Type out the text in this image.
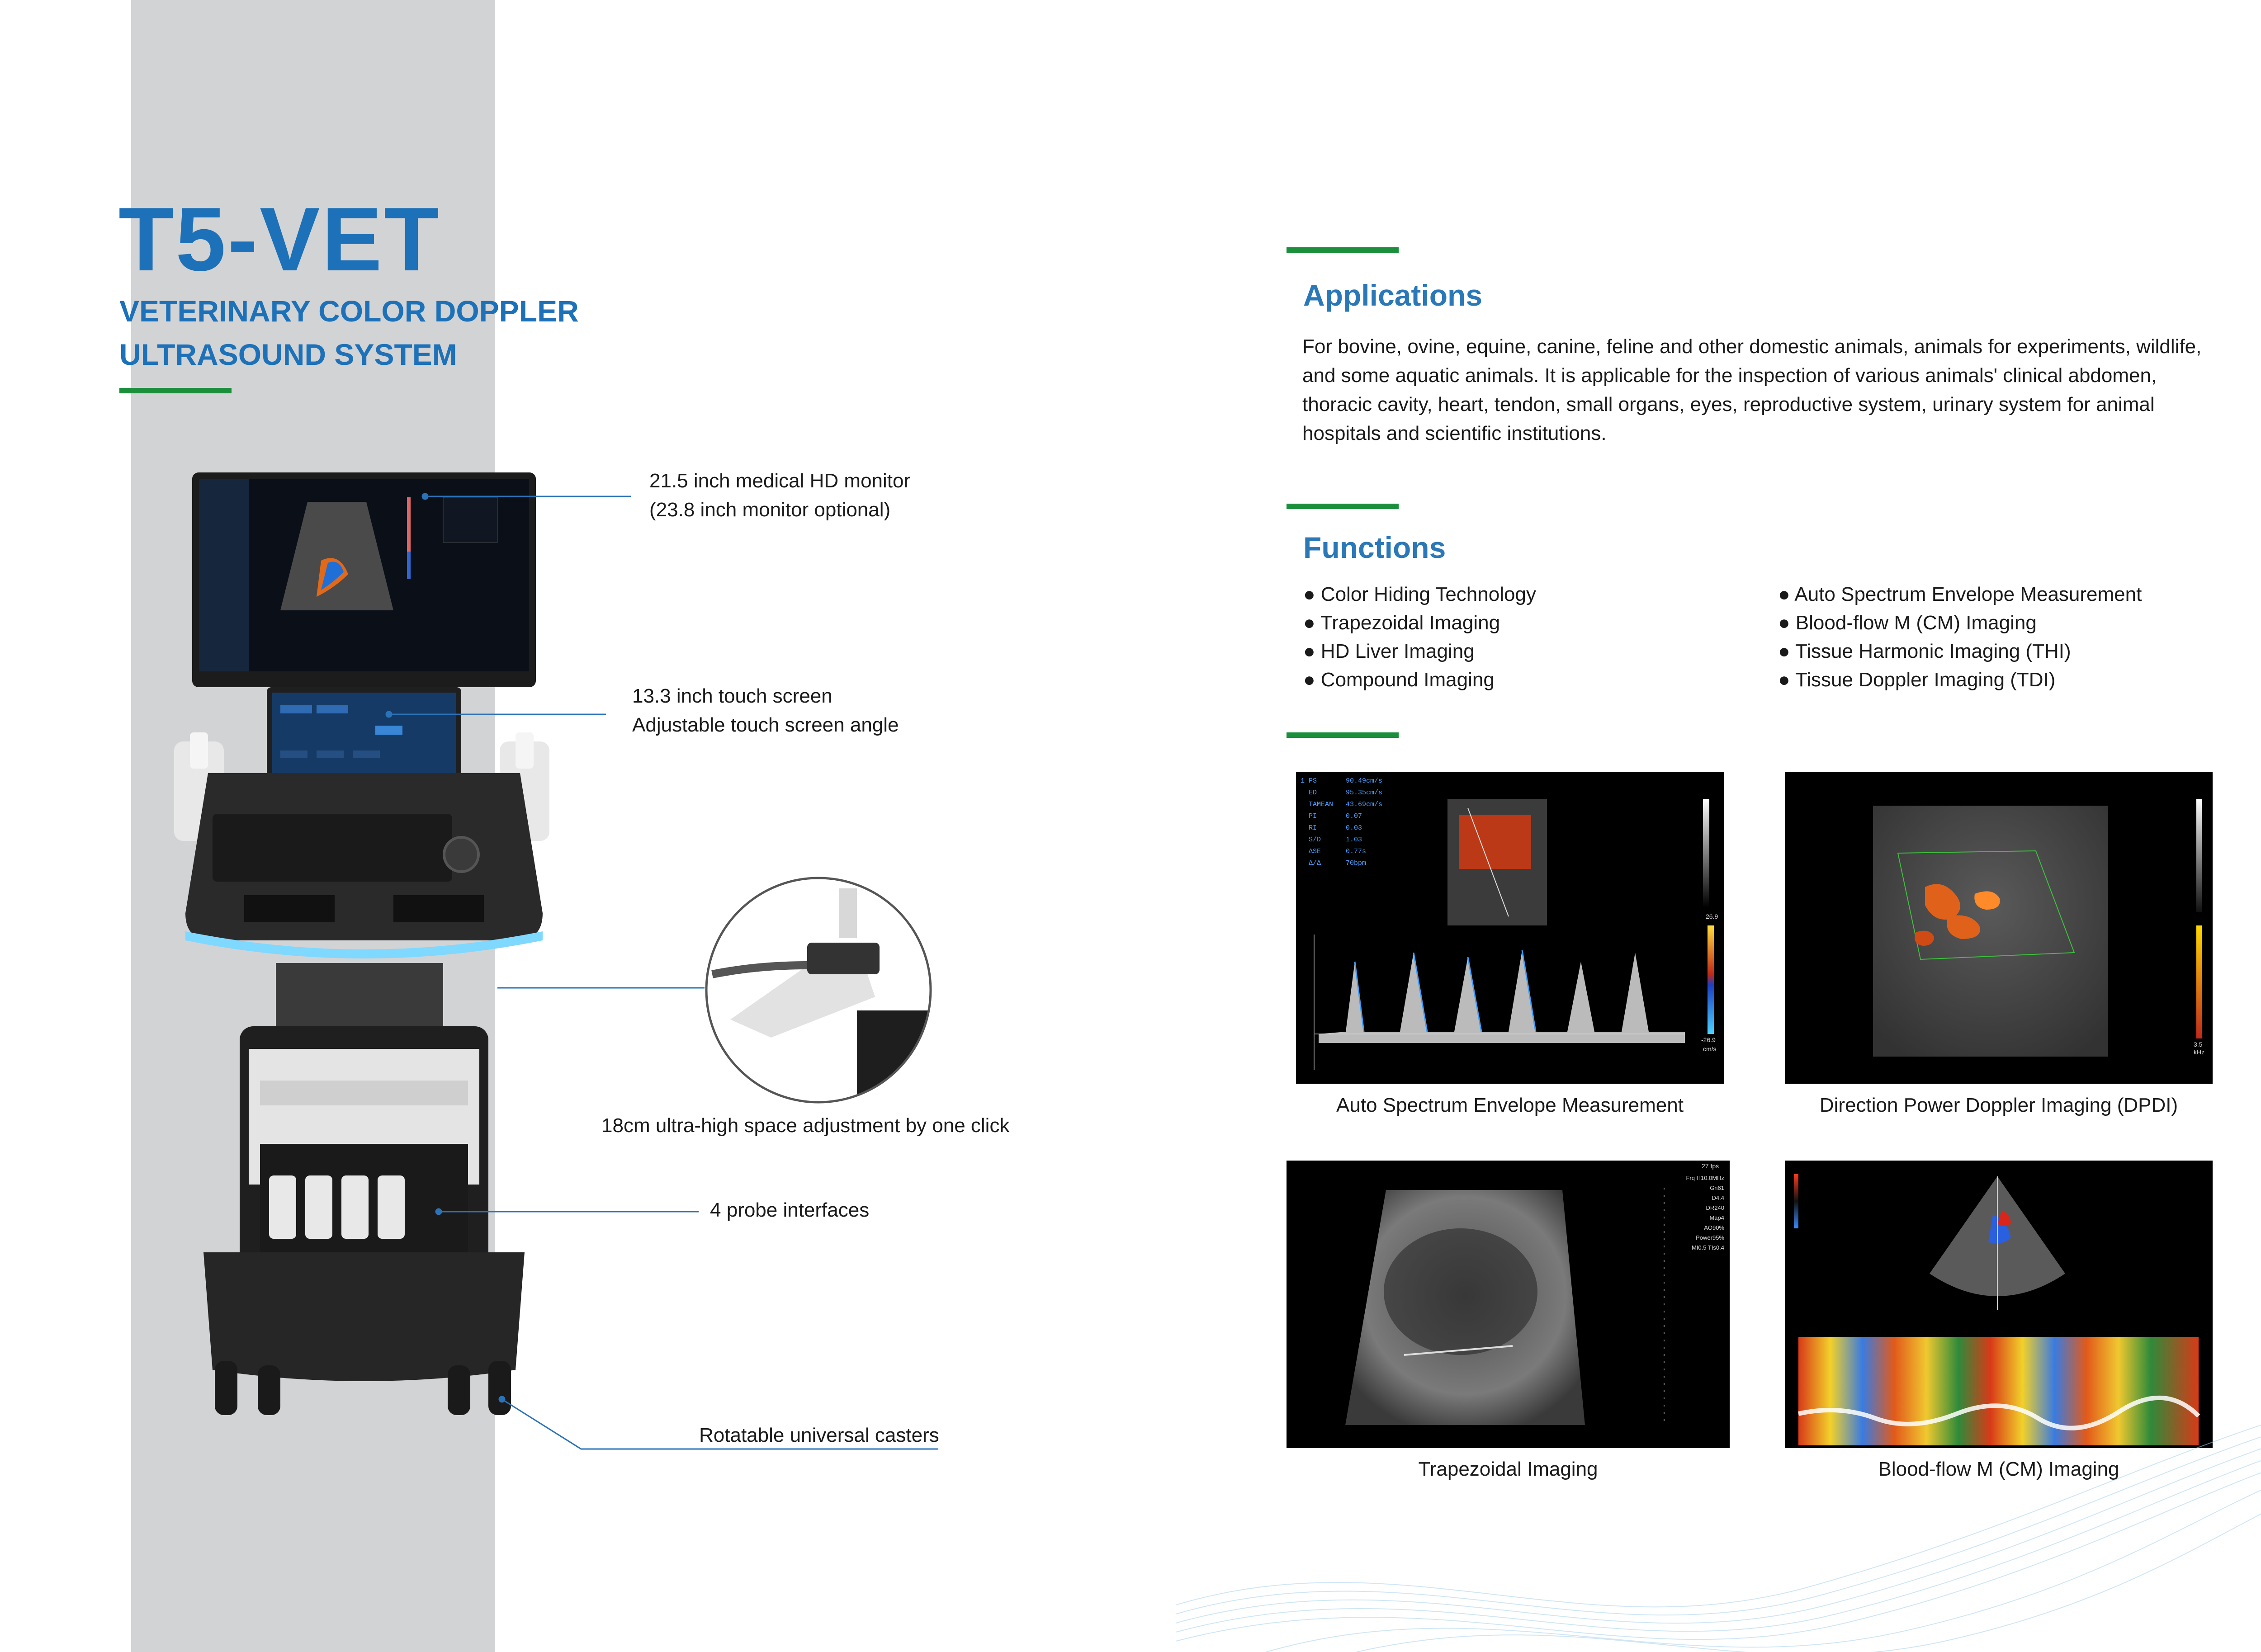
T5-VET
VETERINARY COLOR DOPPLER
ULTRASOUND SYSTEM
21.5 inch medical HD monitor
(23.8 inch monitor optional)
13.3 inch touch screen
Adjustable touch screen angle
18cm ultra-high space adjustment by one click
4 probe interfaces
Rotatable universal casters
Applications
For bovine, ovine, equine, canine, feline and other domestic animals, animals for experiments, wildlife, and some aquatic animals. It is applicable for the inspection of various animals' clinical abdomen, thoracic cavity, heart, tendon, small organs, eyes, reproductive system, urinary system for animal hospitals and scientific institutions.
Functions
● Color Hiding Technology
● Trapezoidal Imaging
● HD Liver Imaging
● Compound Imaging
● Auto Spectrum Envelope Measurement
● Blood-flow M (CM) Imaging
● Tissue Harmonic Imaging (THI)
● Tissue Doppler Imaging (TDI)
1 PS	90.49cm/s
ED	95.35cm/s
TAMEAN 43.69cm/s
PI	0.07
RI	0.03
S/D	1.03
ΔSE	0.77s
Δ/Δ	70bpm
26.9
-26.9
cm/s
Auto Spectrum Envelope Measurement
3.5
kHz
Direction Power Doppler Imaging (DPDI)
27 fps
Frq H10.0MHz
Gn61
D4.4
DR240
Map4
AO90%
Power95%
MI0.5 TIs0.4
Trapezoidal Imaging	Blood-flow M (CM) Imaging
